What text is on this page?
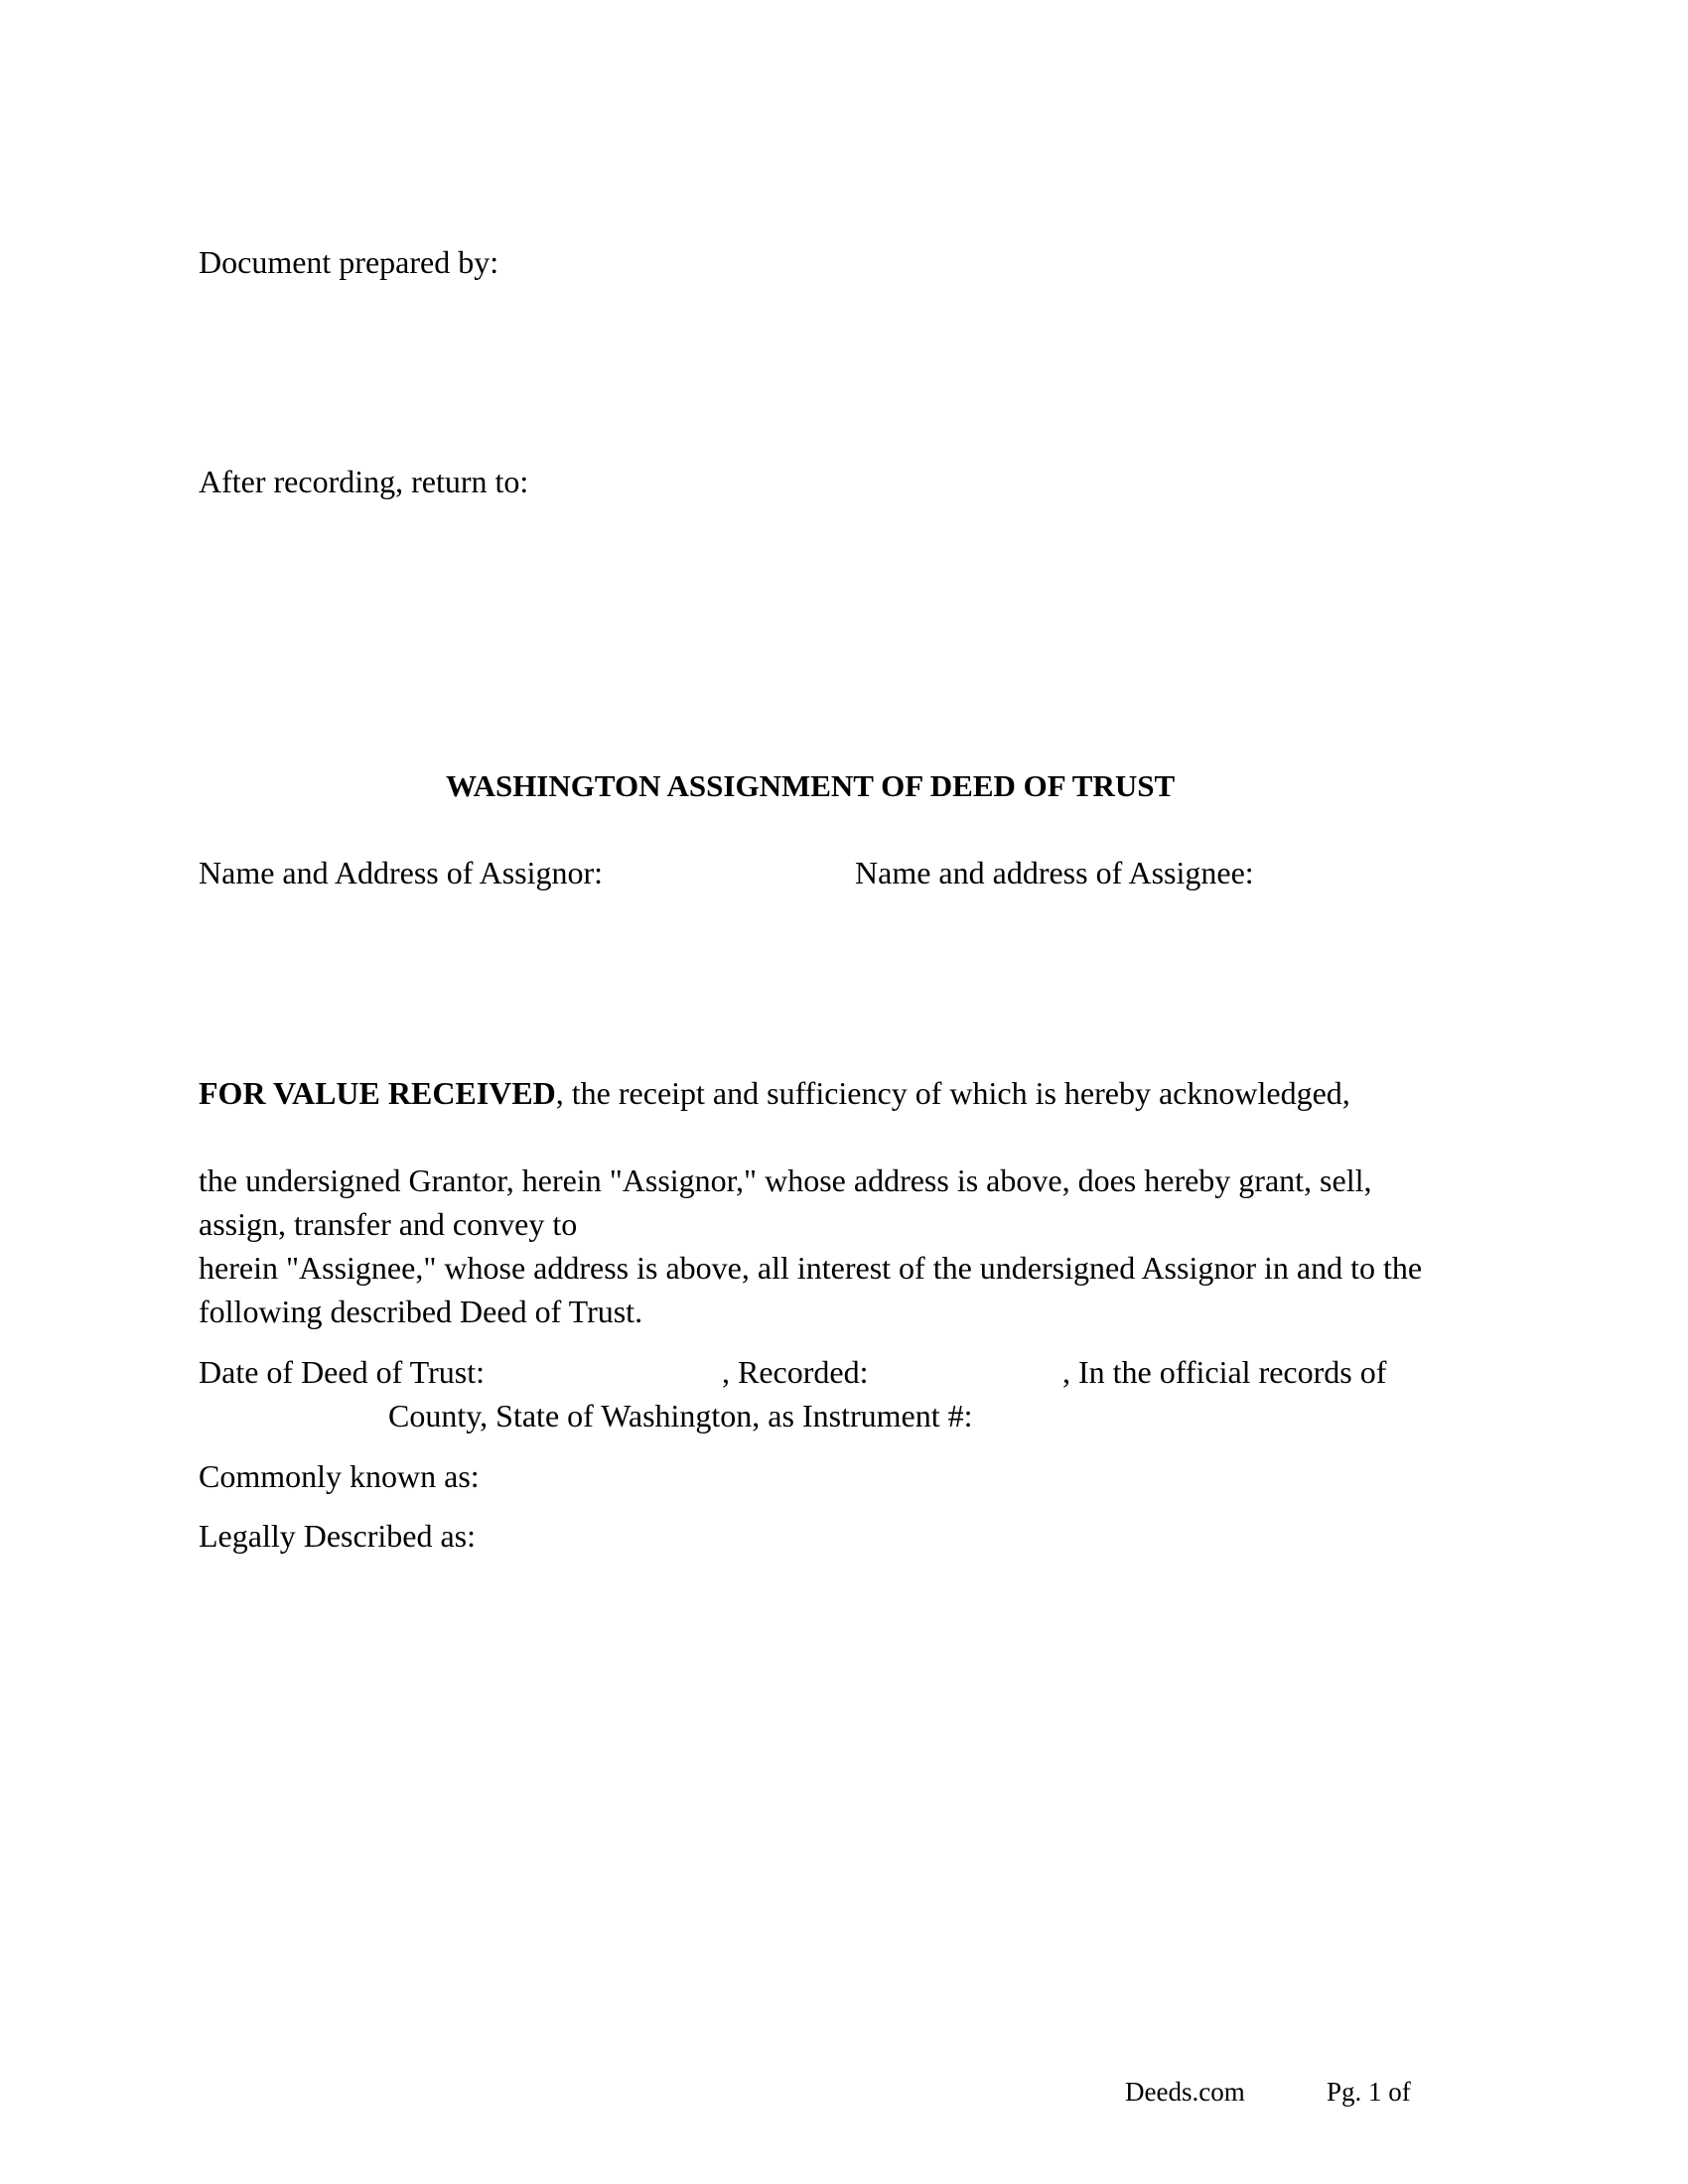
Document prepared by:
After recording, return to:
WASHINGTON ASSIGNMENT OF DEED OF TRUST
Name and Address of Assignor:	Name and address of Assignee:
FOR VALUE RECEIVED, the receipt and sufficiency of which is hereby acknowledged,
the undersigned Grantor, herein "Assignor," whose address is above, does hereby grant, sell,
assign, transfer and convey to
herein "Assignee," whose address is above, all interest of the undersigned Assignor in and to the
following described Deed of Trust.
Date of Deed of Trust:	, Recorded:	, In the official records of
County, State of Washington, as Instrument #:
Commonly known as:
Legally Described as:
Deeds.com	Pg. 1 of
